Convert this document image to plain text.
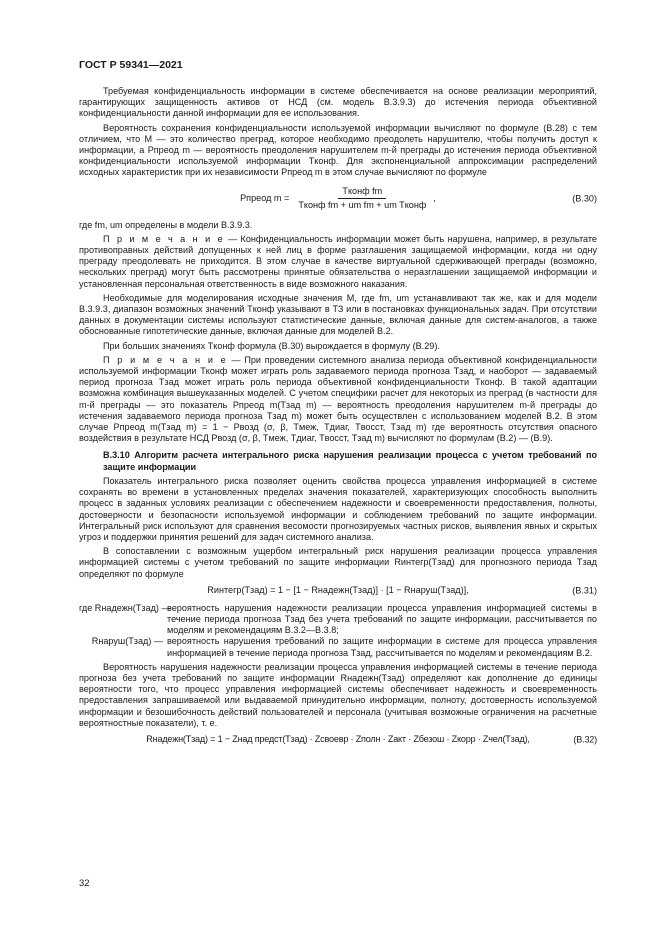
ГОСТ Р 59341—2021

Требуемая конфиденциальность информации в системе обеспечивается на основе реализации мероприятий, гарантирующих защищенность активов от НСД (см. модель В.3.9.3) до истечения периода объективной конфиденциальности данной информации для ее использования.

Вероятность сохранения конфиденциальности используемой информации вычисляют по формуле (В.28) с тем отличием, что M — это количество преград, которое необходимо преодолеть нарушителю, чтобы получить доступ к информации, а Pпреод m — вероятность преодоления нарушителем m-й преграды до истечения периода объективной конфиденциальности используемой информации Tконф. Для экспоненциальной аппроксимации распределений исходных характеристик при их независимости Pпреод m в этом случае вычисляют по формуле

Pпреод $m = \frac{\text{Tконф fm}}{\text{Tконф fm + um fm + um Tконф}}$ ,	(В.30)

где fm, um определены в модели В.3.9.3.

П р и м е ч а н и е — Конфиденциальность информации может быть нарушена, например, в результате противоправных действий допущенных к ней лиц в форме разглашения защищаемой информации, когда ни одну преграду преодолевать не приходится. В этом случае в качестве виртуальной сдерживающей преграды (возможно, нескольких преград) могут быть рассмотрены принятые обязательства о неразглашении защищаемой информации и установленная персональная ответственность в виде возможного наказания.

Необходимые для моделирования исходные значения M, где fm, um устанавливают так же, как и для модели В.3.9.3, диапазон возможных значений Tконф указывают в ТЗ или в постановках функциональных задач. При отсутствии данных в документации системы используют статистические данные, включая данные для систем-аналогов, а также обоснованные гипотетические данные, включая данные для моделей В.2.

При больших значениях Tконф формула (В.30) вырождается в формулу (В.29).

П р и м е ч а н и е — При проведении системного анализа периода объективной конфиденциальности используемой информации Tконф может играть роль задаваемого периода прогноза Tзад, и наоборот — задаваемый период прогноза Tзад может играть роль периода объективной конфиденциальности Tконф. В такой адаптации возможна комбинация вышеуказанных моделей. С учетом специфики расчет для некоторых из преград (в частности для m-й преграды — это показатель Pпреод m(Tзад m) — вероятность преодоления нарушителем m-й преграды до истечения задаваемого периода прогноза Tзад m) может быть осуществлен с использованием моделей В.2. В этом случае Pпреод m(Tзад m) = 1 − Pвозд (σ, β, Tмеж, Tдиаг, Tвосст, Tзад m) где вероятность отсутствия опасного воздействия в результате НСД Pвозд (σ, β, Tмеж, Tдиаг, Tвосст, Tзад m) вычисляют по формулам (В.2) — (В.9).

В.3.10 Алгоритм расчета интегрального риска нарушения реализации процесса с учетом требований по защите информации

Показатель интегрального риска позволяет оценить свойства процесса управления информацией в системе сохранять во времени в установленных пределах значения показателей, характеризующих способность выполнить процесс в заданных условиях реализации с обеспечением надежности и своевременности предоставления, полноты, достоверности и безопасности используемой информации и соблюдением требований по защите информации. Интегральный риск используют для сравнения весомости прогнозируемых частных рисков, выявления явных и скрытых угроз и поддержки принятия решений для задач системного анализа.

В сопоставлении с возможным ущербом интегральный риск нарушения реализации процесса управления информацией системы с учетом требований по защите информации Rинтегр(Tзад) для прогнозного периода Tзад определяют по формуле

Rинтегр(Tзад) = 1 − [1 − Rнадежн(Tзад)] · [1 − Rнаруш(Tзад)],	(В.31)
где Rнадежн(Tзад) —
вероятность нарушения надежности реализации процесса управления информацией системы в течение периода прогноза Tзад без учета требований по защите информации, рассчитывается по моделям и рекомендациям В.3.2—В.3.8;
Rнаруш(Tзад) — вероятность нарушения требований по защите информации в системе для процесса управления информацией в течение периода прогноза Tзад, рассчитывается по моделям и рекомендациям В.2.

Вероятность нарушения надежности реализации процесса управления информацией системы в течение периода прогноза без учета требований по защите информации Rнадежн(Tзад) определяют как дополнение до единицы вероятности того, что процесс управления информацией системы обеспечивает надежность и своевременность предоставления запрашиваемой или выдаваемой принудительно информации, полноту, достоверность используемой информации и безошибочность действий пользователей и персонала (учитывая возможные ограничения на расчетные вероятностные показатели), т. е.

Rнадежн(Tзад) = 1 − Zнад предст(Tзад) · Zсвоевр · Zполн · Zакт · Zбезош · Zкорр · Zчел(Tзад),	(В.32)
32
